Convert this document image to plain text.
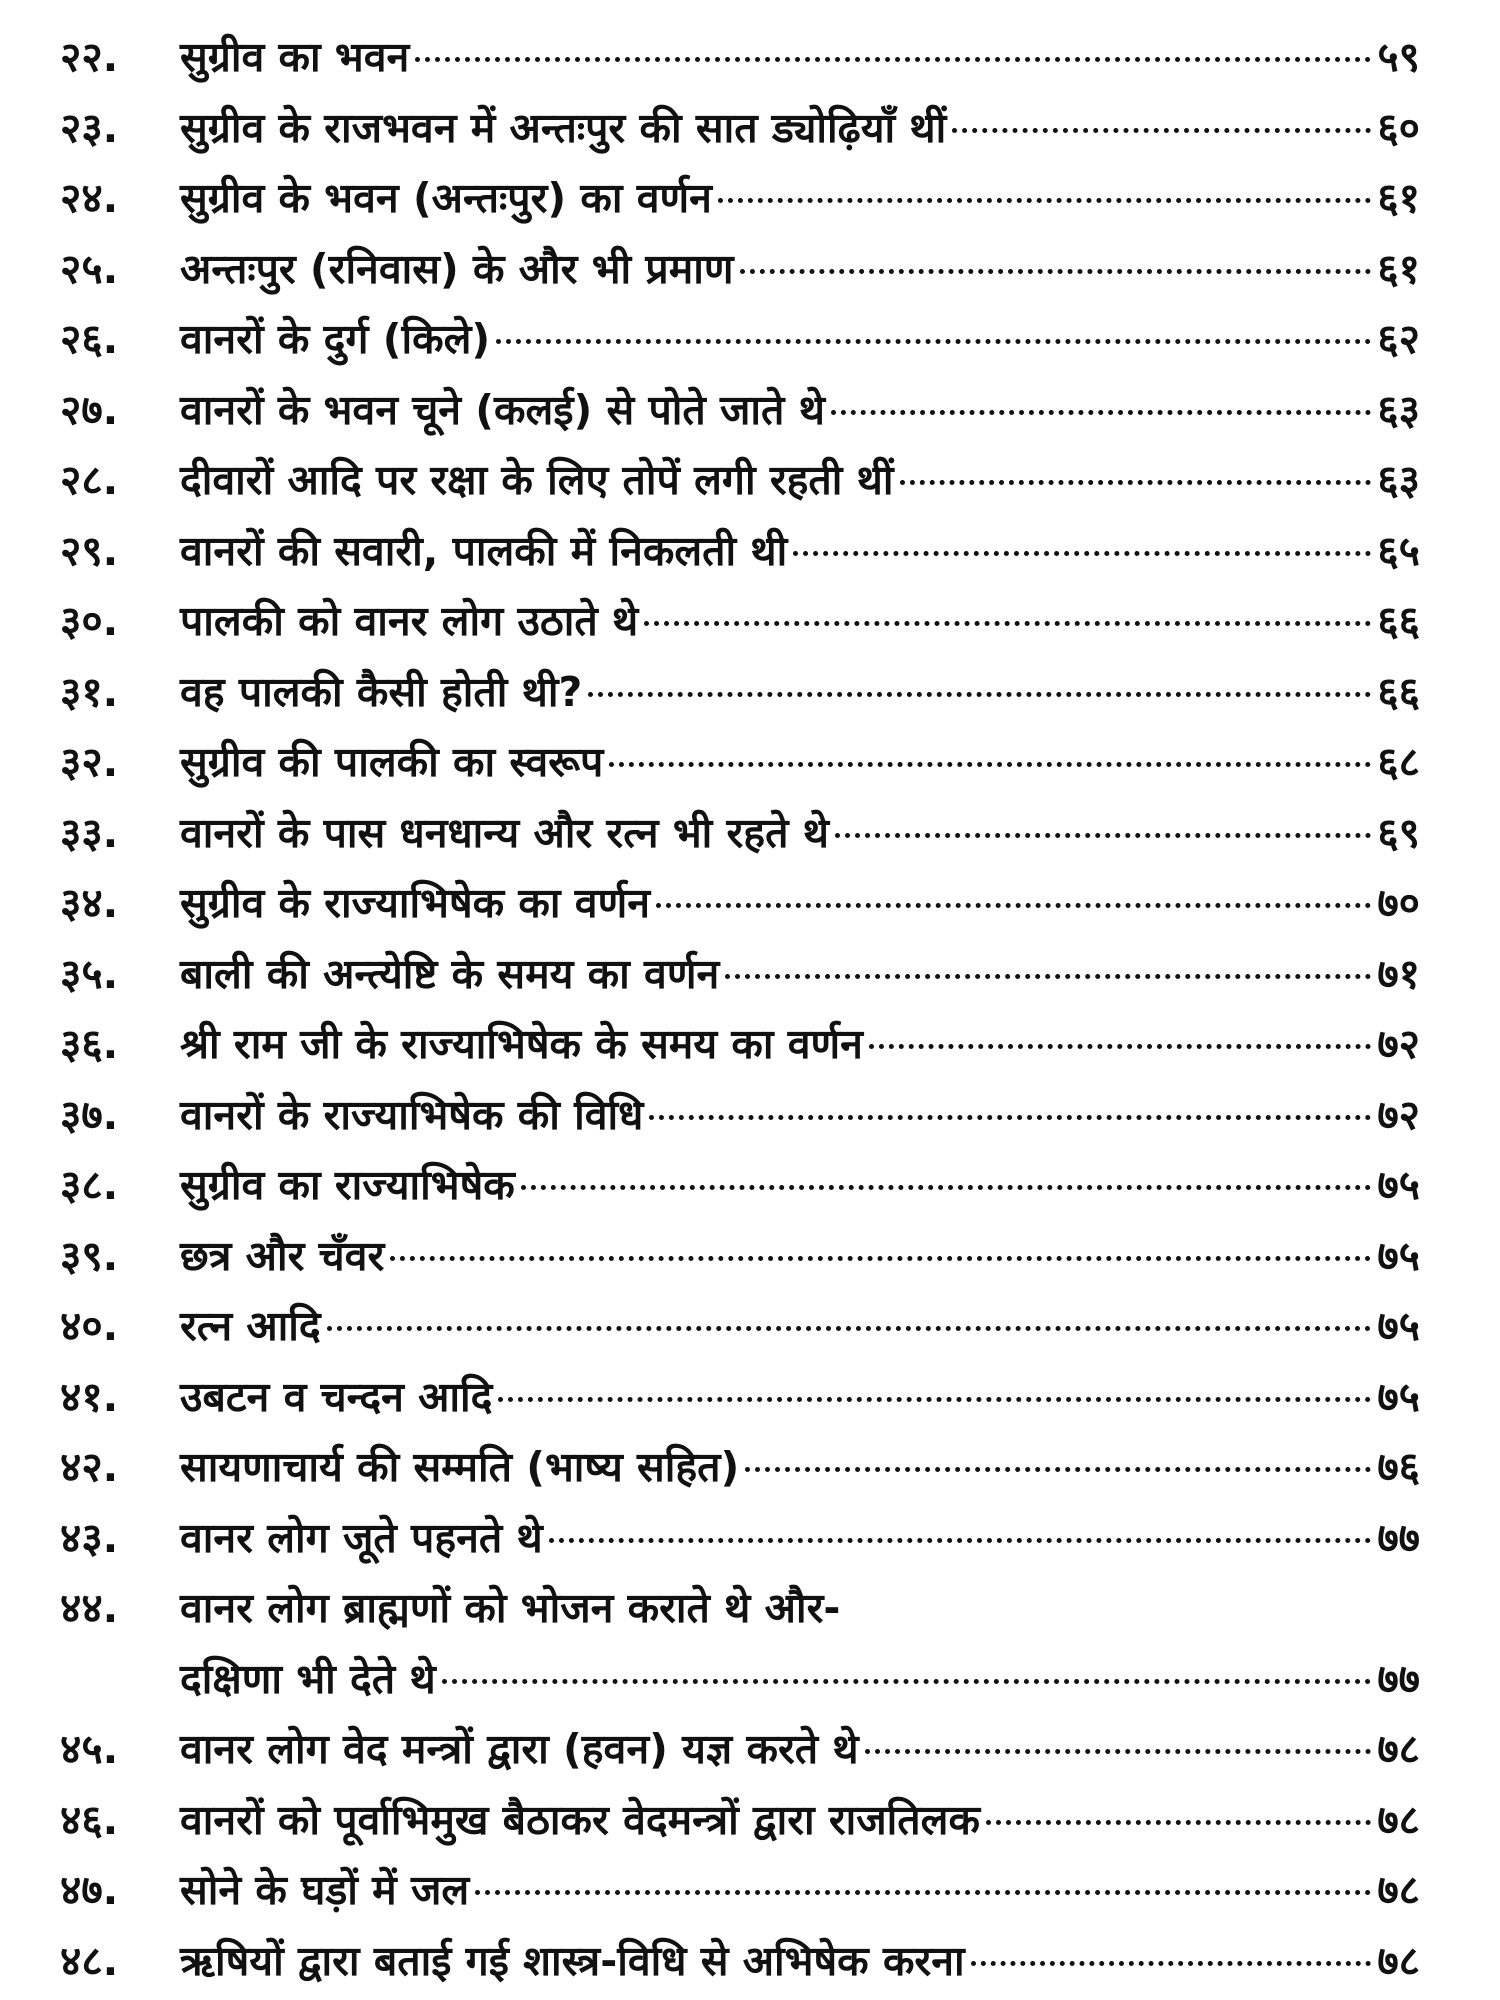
२२.	सुग्रीव का भवन	५९
२३.	सुग्रीव के राजभवन में अन्तःपुर की सात ड्योढ़ियाँ थीं	६०
२४.	सुग्रीव के भवन (अन्तःपुर) का वर्णन	६१
२५.	अन्तःपुर (रनिवास) के और भी प्रमाण	६१
२६.	वानरों के दुर्ग (किले)	६२
२७.	वानरों के भवन चूने (कलई) से पोते जाते थे	६३
२८.	दीवारों आदि पर रक्षा के लिए तोपें लगी रहती थीं	६३
२९.	वानरों की सवारी, पालकी में निकलती थी	६५
३०.	पालकी को वानर लोग उठाते थे	६६
३१.	वह पालकी कैसी होती थी?	६६
३२.	सुग्रीव की पालकी का स्वरूप	६८
३३.	वानरों के पास धनधान्य और रत्न भी रहते थे	६९
३४.	सुग्रीव के राज्याभिषेक का वर्णन	७०
३५.	बाली की अन्त्येष्टि के समय का वर्णन	७१
३६.	श्री राम जी के राज्याभिषेक के समय का वर्णन	७२
३७.	वानरों के राज्याभिषेक की विधि	७२
३८.	सुग्रीव का राज्याभिषेक	७५
३९.	छत्र और चँवर	७५
४०.	रत्न आदि	७५
४१.	उबटन व चन्दन आदि	७५
४२.	सायणाचार्य की सम्मति (भाष्य सहित)	७६
४३.	वानर लोग जूते पहनते थे	७७
४४.	वानर लोग ब्राह्मणों को भोजन कराते थे और-
दक्षिणा भी देते थे	७७
४५.	वानर लोग वेद मन्त्रों द्वारा (हवन) यज्ञ करते थे	७८
४६.	वानरों को पूर्वाभिमुख बैठाकर वेदमन्त्रों द्वारा राजतिलक	७८
४७.	सोने के घड़ों में जल	७८
४८.	ऋषियों द्वारा बताई गई शास्त्र-विधि से अभिषेक करना	७८
